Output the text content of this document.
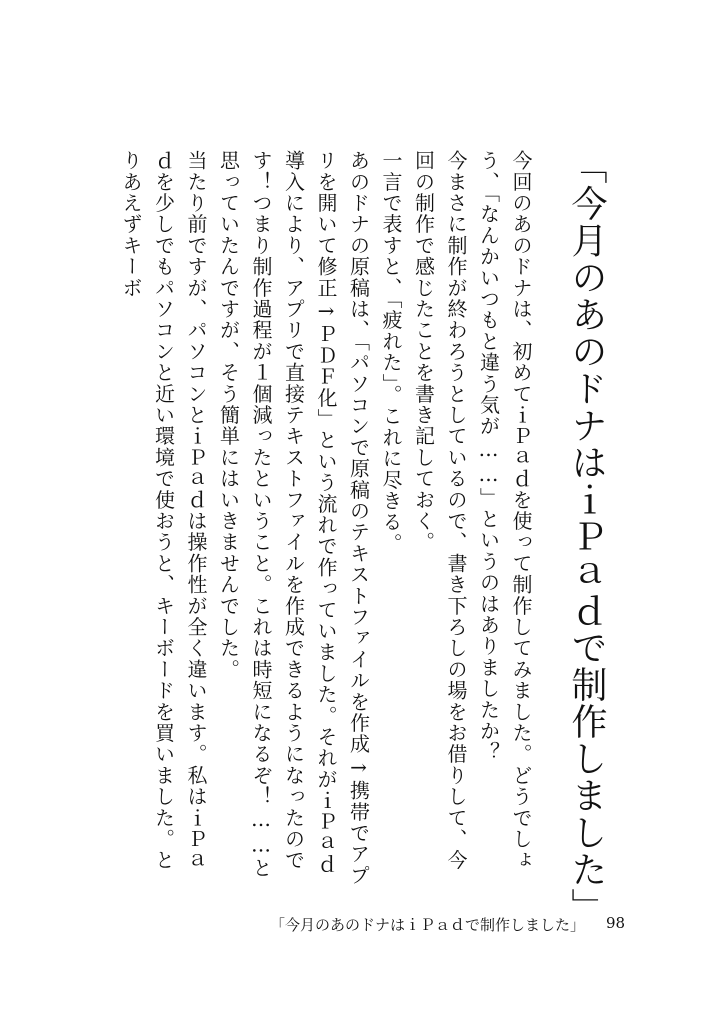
「今月のあのドナはｉＰａｄで制作しました」

今回のあのドナは、初めてｉＰａｄを使って制作してみました。どうでしょう、「なんかいつもと違う気が……」というのはありましたか？

今まさに制作が終わろうとしているので、書き下ろしの場をお借りして、今回の制作で感じたことを書き記しておく。

一言で表すと、「疲れた」。これに尽きる。

あのドナの原稿は、「パソコンで原稿のテキストファイルを作成→携帯でアプリを開いて修正→ＰＤＦ化」という流れで作っていました。それがｉＰａｄ導入により、アプリで直接テキストファイルを作成できるようになったのです！つまり制作過程が１個減ったということ。これは時短になるぞ！……と思っていたんですが、そう簡単にはいきませんでした。

当たり前ですが、パソコンとｉＰａｄは操作性が全く違います。私はｉＰａｄを少しでもパソコンと近い環境で使おうと、キーボードを買いました。とりあえずキーボ

「今月のあのドナはｉＰａｄで制作しました」 98
